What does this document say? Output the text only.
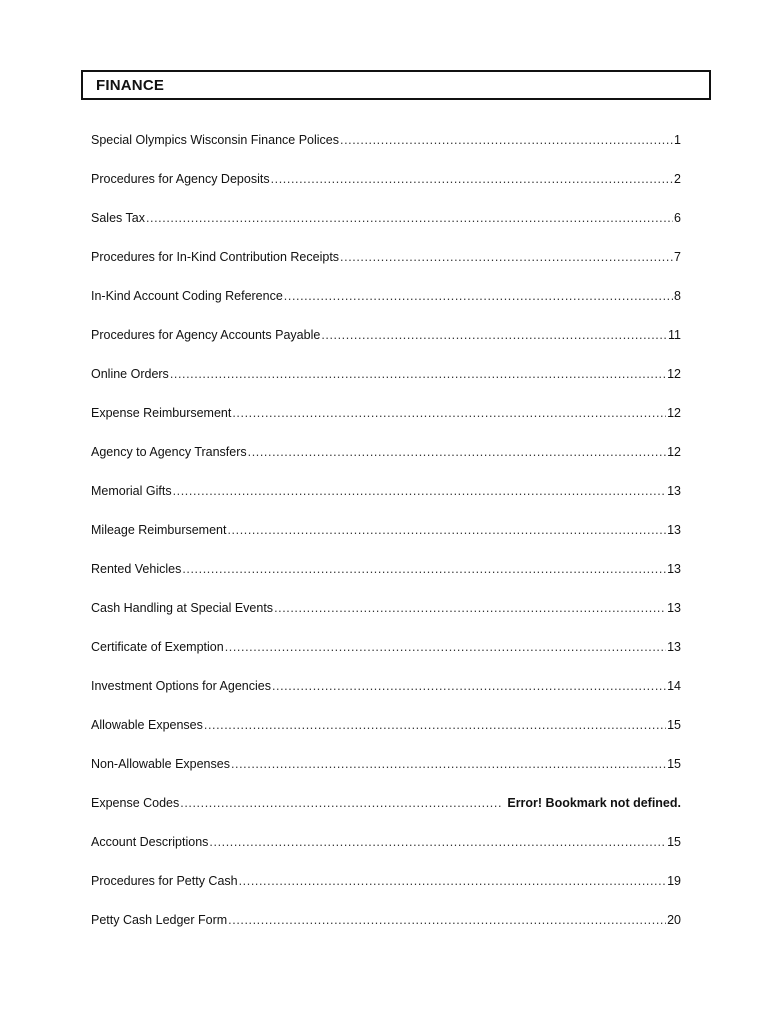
FINANCE
Special Olympics Wisconsin Finance Polices .....	1
Procedures for Agency Deposits .....	2
Sales Tax .....	6
Procedures for In-Kind Contribution Receipts .....	7
In-Kind Account Coding Reference .....	8
Procedures for Agency Accounts Payable .....	11
Online Orders .....	12
Expense Reimbursement .....	12
Agency to Agency Transfers .....	12
Memorial Gifts .....	13
Mileage Reimbursement .....	13
Rented Vehicles .....	13
Cash Handling at Special Events .....	13
Certificate of Exemption .....	13
Investment Options for Agencies .....	14
Allowable Expenses .....	15
Non-Allowable Expenses .....	15
Expense Codes .....	Error! Bookmark not defined.
Account Descriptions .....	15
Procedures for Petty Cash .....	19
Petty Cash Ledger Form .....	20
